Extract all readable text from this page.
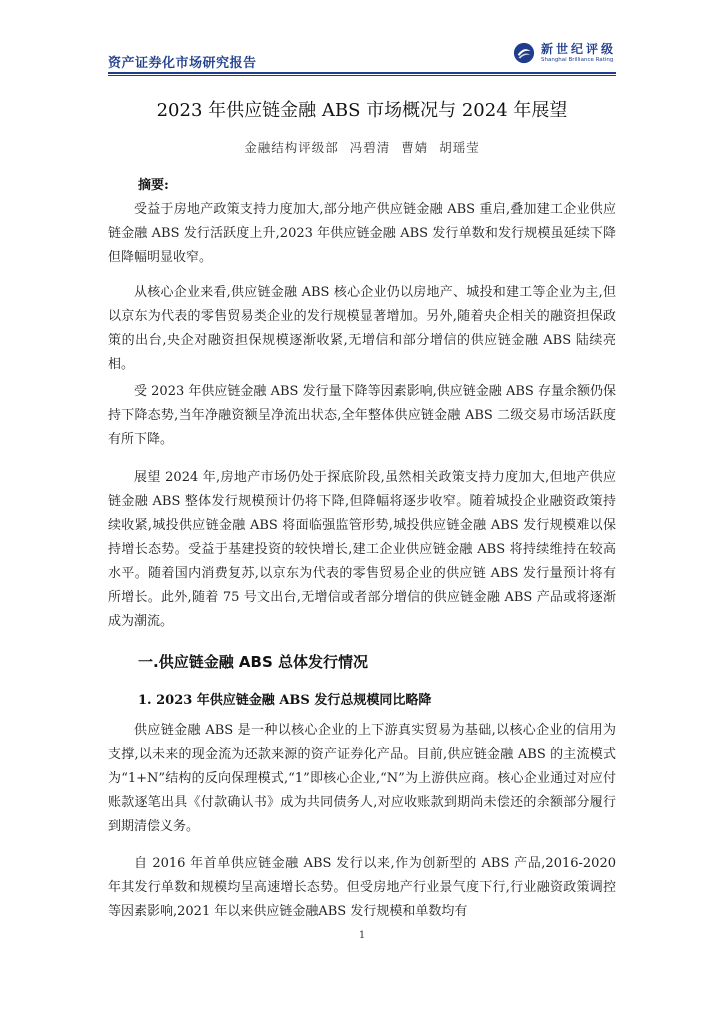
资产证券化市场研究报告
新世纪评级
Shanghai Brilliance Rating
2023 年供应链金融 ABS 市场概况与 2024 年展望
金融结构评级部 冯碧清 曹婧 胡瑶莹
摘要:
受益于房地产政策支持力度加大,部分地产供应链金融 ABS 重启,叠加建工企业供应链金融 ABS 发行活跃度上升,2023 年供应链金融 ABS 发行单数和发行规模虽延续下降但降幅明显收窄。
从核心企业来看,供应链金融 ABS 核心企业仍以房地产、城投和建工等企业为主,但以京东为代表的零售贸易类企业的发行规模显著增加。另外,随着央企相关的融资担保政策的出台,央企对融资担保规模逐渐收紧,无增信和部分增信的供应链金融 ABS 陆续亮相。
受 2023 年供应链金融 ABS 发行量下降等因素影响,供应链金融 ABS 存量余额仍保持下降态势,当年净融资额呈净流出状态,全年整体供应链金融 ABS 二级交易市场活跃度有所下降。
展望 2024 年,房地产市场仍处于探底阶段,虽然相关政策支持力度加大,但地产供应链金融 ABS 整体发行规模预计仍将下降,但降幅将逐步收窄。随着城投企业融资政策持续收紧,城投供应链金融 ABS 将面临强监管形势,城投供应链金融 ABS 发行规模难以保持增长态势。受益于基建投资的较快增长,建工企业供应链金融 ABS 将持续维持在较高水平。随着国内消费复苏,以京东为代表的零售贸易企业的供应链 ABS 发行量预计将有所增长。此外,随着 75 号文出台,无增信或者部分增信的供应链金融 ABS 产品或将逐渐成为潮流。
一.供应链金融 ABS 总体发行情况
1. 2023 年供应链金融 ABS 发行总规模同比略降
供应链金融 ABS 是一种以核心企业的上下游真实贸易为基础,以核心企业的信用为支撑,以未来的现金流为还款来源的资产证券化产品。目前,供应链金融 ABS 的主流模式为“1+N”结构的反向保理模式,“1”即核心企业,“N”为上游供应商。核心企业通过对应付账款逐笔出具《付款确认书》成为共同债务人,对应收账款到期尚未偿还的余额部分履行到期清偿义务。
自 2016 年首单供应链金融 ABS 发行以来,作为创新型的 ABS 产品,2016-2020 年其发行单数和规模均呈高速增长态势。但受房地产行业景气度下行,行业融资政策调控等因素影响,2021 年以来供应链金融ABS 发行规模和单数均有
1
